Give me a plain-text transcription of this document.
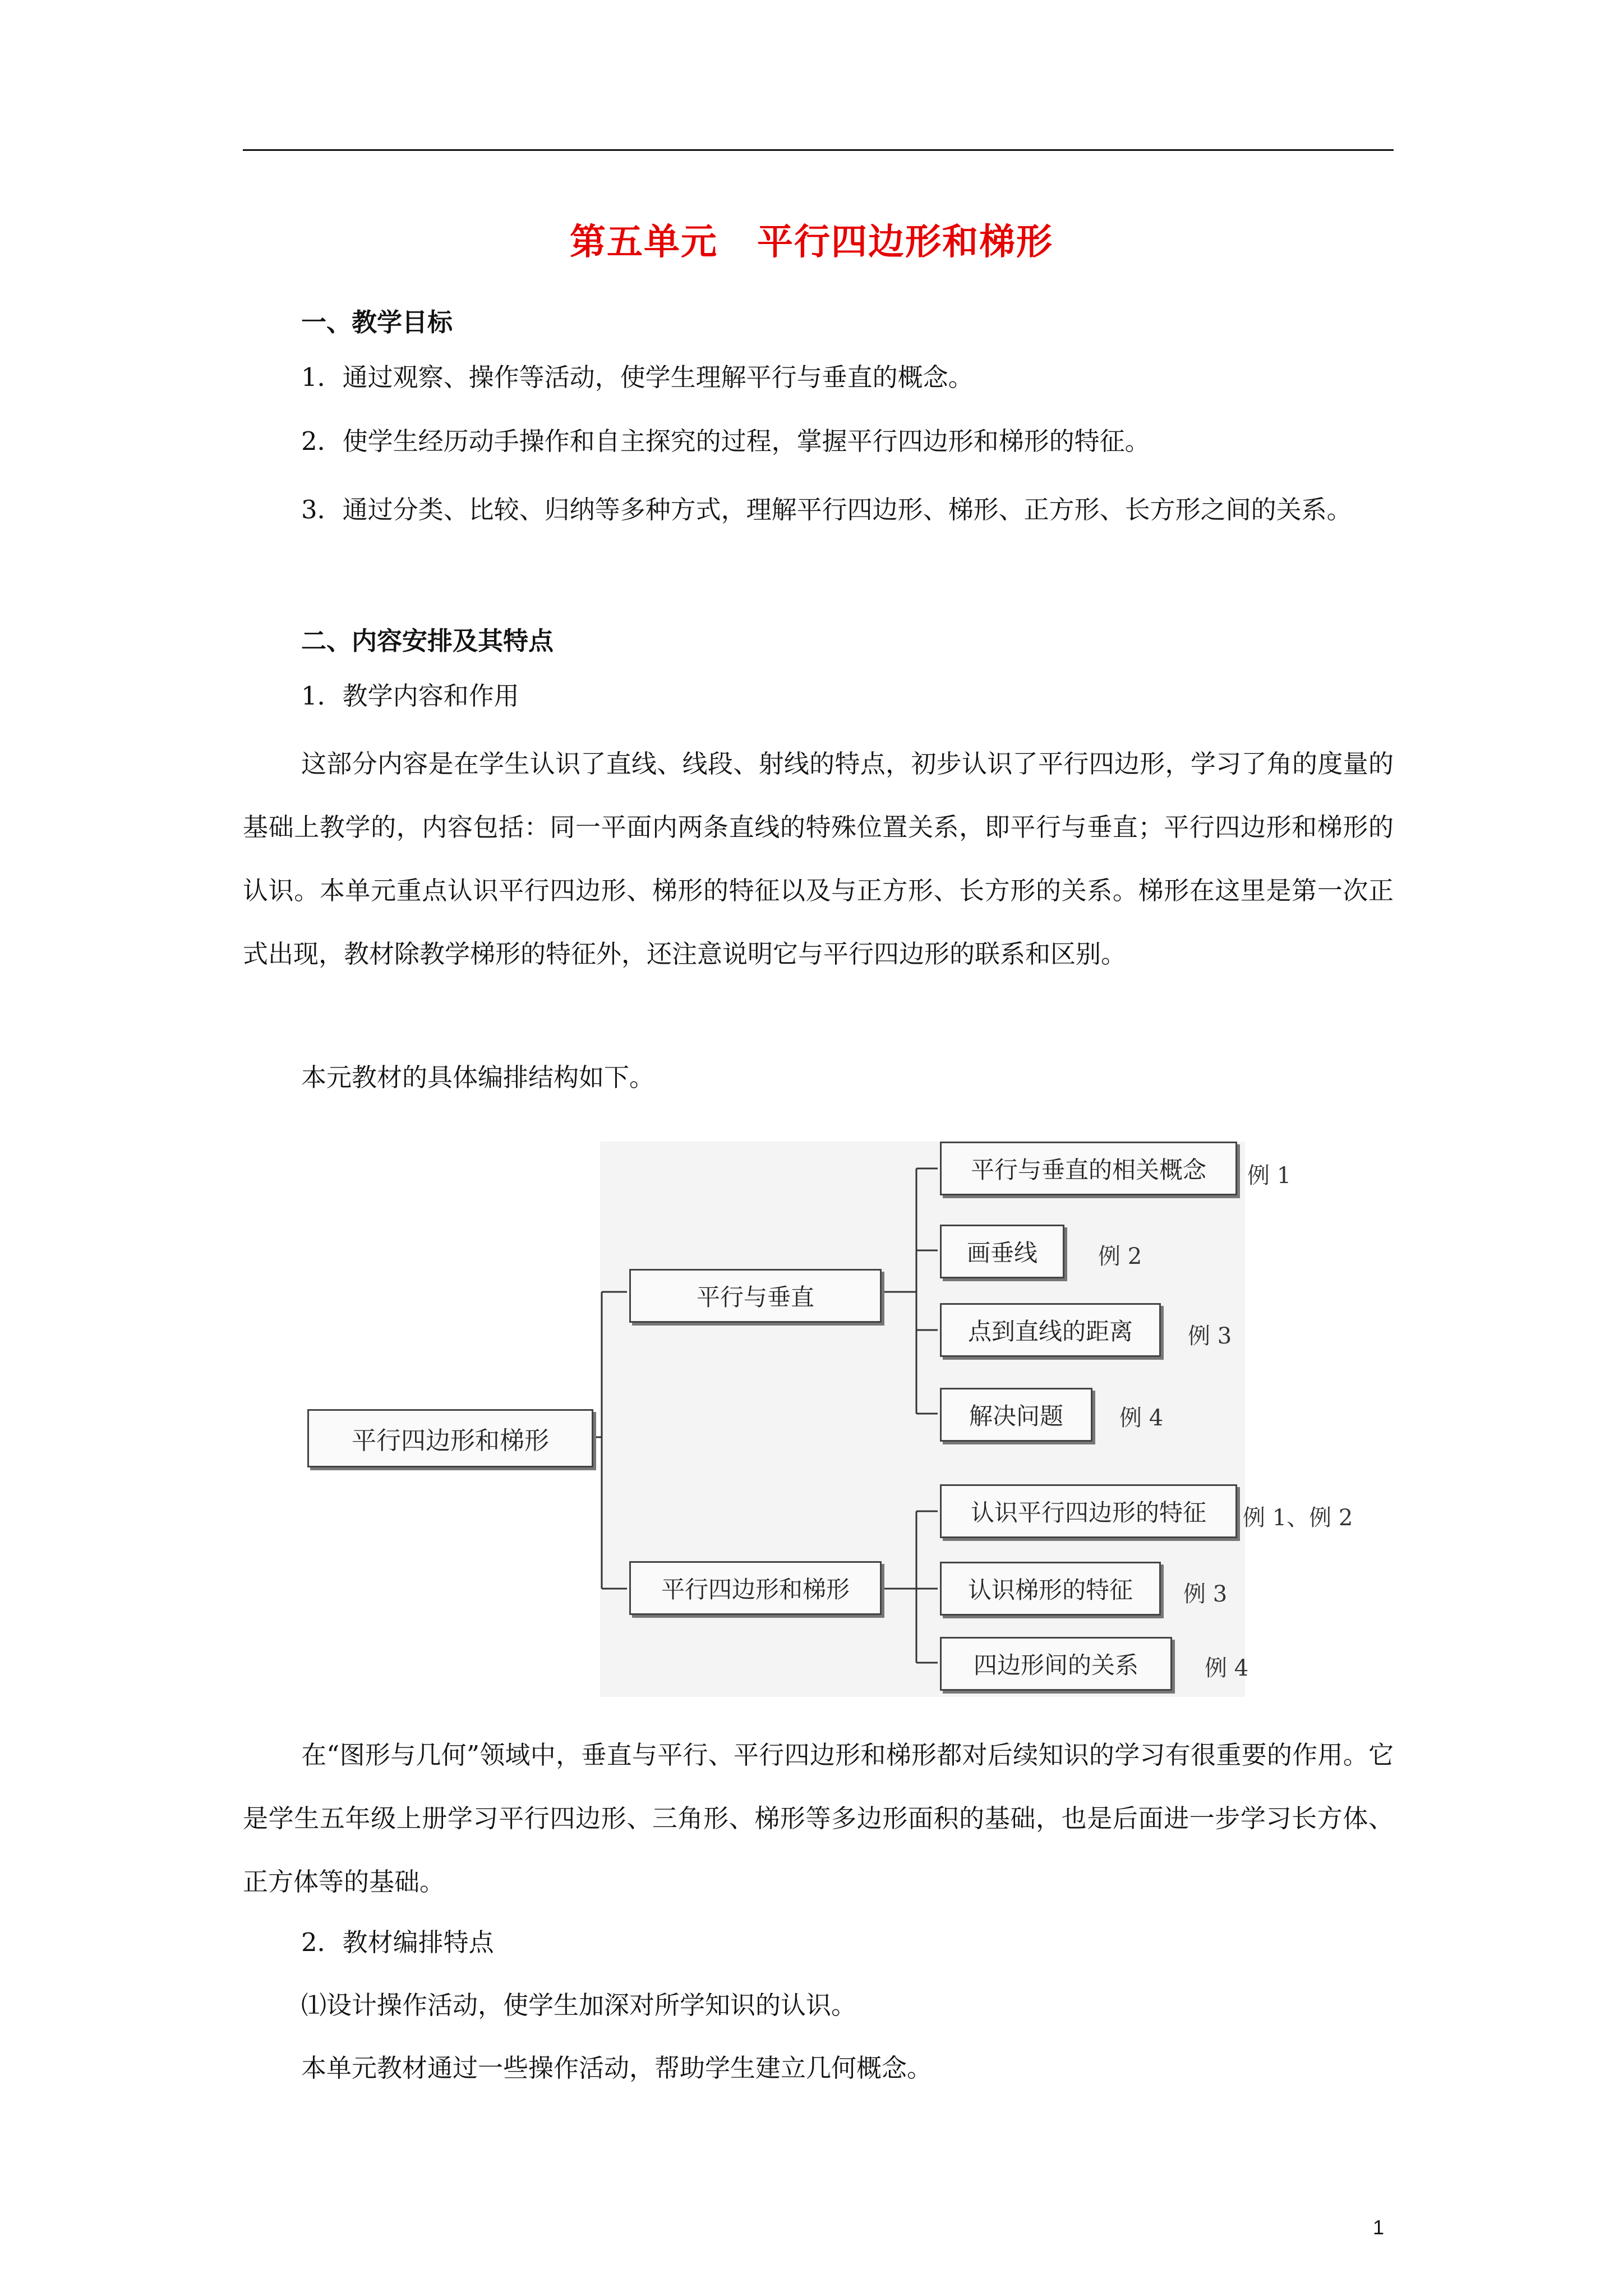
第五单元 平行四边形和梯形
一、教学目标
1．通过观察、操作等活动，使学生理解平行与垂直的概念。
2．使学生经历动手操作和自主探究的过程，掌握平行四边形和梯形的特征。
3．通过分类、比较、归纳等多种方式，理解平行四边形、梯形、正方形、长方形之间的关系。
二、内容安排及其特点
1．教学内容和作用
这部分内容是在学生认识了直线、线段、射线的特点，初步认识了平行四边形，学习了角的度量的基础上教学的，内容包括：同一平面内两条直线的特殊位置关系，即平行与垂直；平行四边形和梯形的认识。本单元重点认识平行四边形、梯形的特征以及与正方形、长方形的关系。梯形在这里是第一次正式出现，教材除教学梯形的特征外，还注意说明它与平行四边形的联系和区别。
本元教材的具体编排结构如下。
平行四边形和梯形
平行与垂直
平行四边形和梯形
平行与垂直的相关概念	例 1
画垂线	例 2
点到直线的距离	例 3
解决问题	例 4
认识平行四边形的特征	例 1、例 2
认识梯形的特征	例 3
四边形间的关系	例 4
在“图形与几何”领域中，垂直与平行、平行四边形和梯形都对后续知识的学习有很重要的作用。它是学生五年级上册学习平行四边形、三角形、梯形等多边形面积的基础，也是后面进一步学习长方体、正方体等的基础。
2．教材编排特点
⑴设计操作活动，使学生加深对所学知识的认识。
本单元教材通过一些操作活动，帮助学生建立几何概念。
1
